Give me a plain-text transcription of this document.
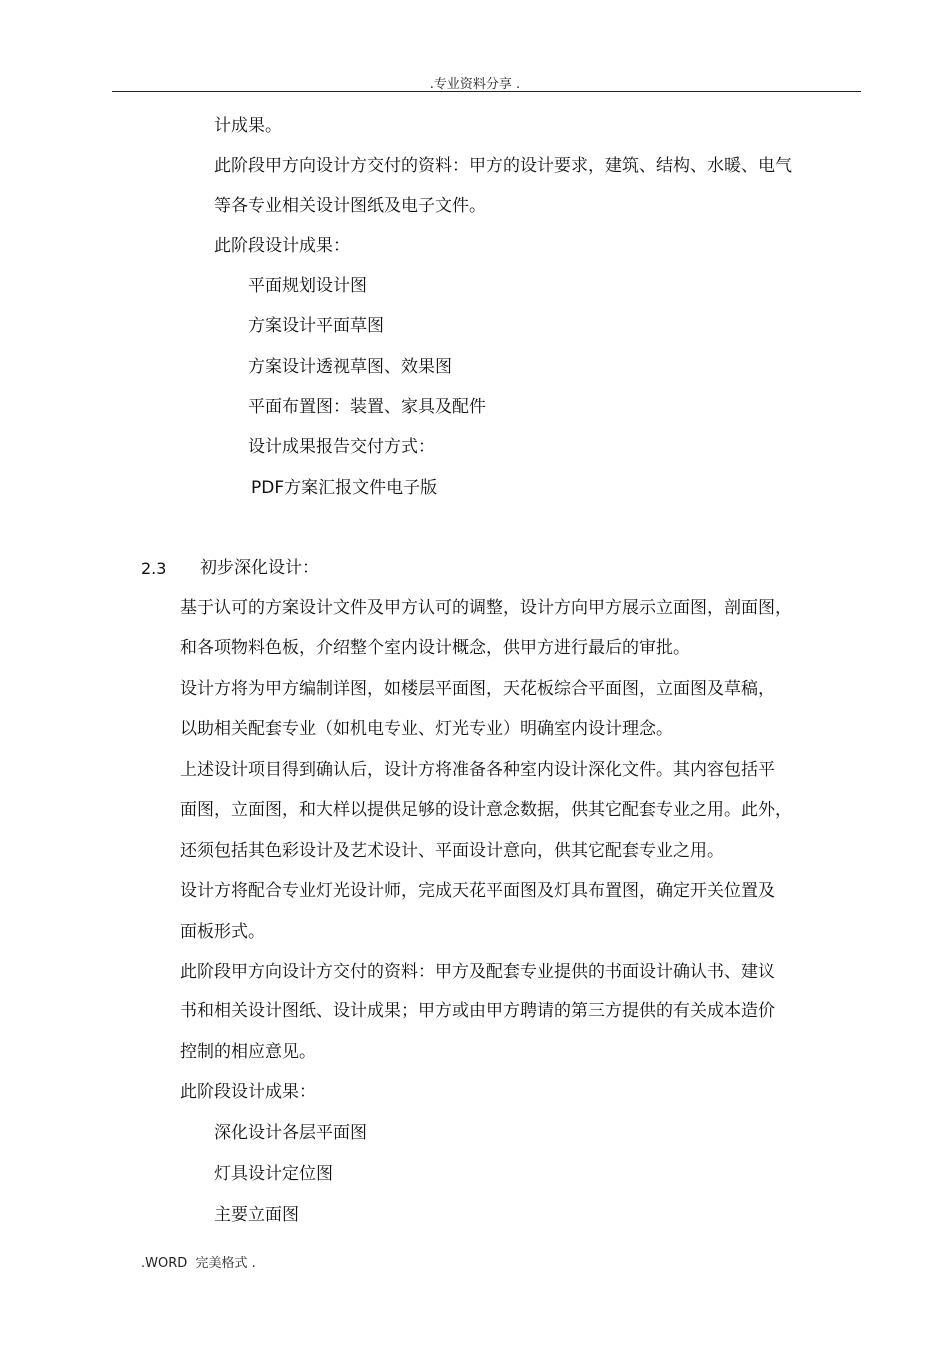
.专业资料分享 .
计成果。
此阶段甲方向设计方交付的资料：甲方的设计要求，建筑、结构、水暖、电气
等各专业相关设计图纸及电子文件。
此阶段设计成果：
平面规划设计图
方案设计平面草图
方案设计透视草图、效果图
平面布置图：装置、家具及配件
设计成果报告交付方式：
PDF方案汇报文件电子版
2.3 初步深化设计：
基于认可的方案设计文件及甲方认可的调整，设计方向甲方展示立面图，剖面图，
和各项物料色板，介绍整个室内设计概念，供甲方进行最后的审批。
设计方将为甲方编制详图，如楼层平面图，天花板综合平面图，立面图及草稿，
以助相关配套专业（如机电专业、灯光专业）明确室内设计理念。
上述设计项目得到确认后，设计方将准备各种室内设计深化文件。其内容包括平
面图，立面图，和大样以提供足够的设计意念数据，供其它配套专业之用。此外，
还须包括其色彩设计及艺术设计、平面设计意向，供其它配套专业之用。
设计方将配合专业灯光设计师，完成天花平面图及灯具布置图，确定开关位置及
面板形式。
此阶段甲方向设计方交付的资料：甲方及配套专业提供的书面设计确认书、建议
书和相关设计图纸、设计成果；甲方或由甲方聘请的第三方提供的有关成本造价
控制的相应意见。
此阶段设计成果：
深化设计各层平面图
灯具设计定位图
主要立面图
.WORD  完美格式 .
